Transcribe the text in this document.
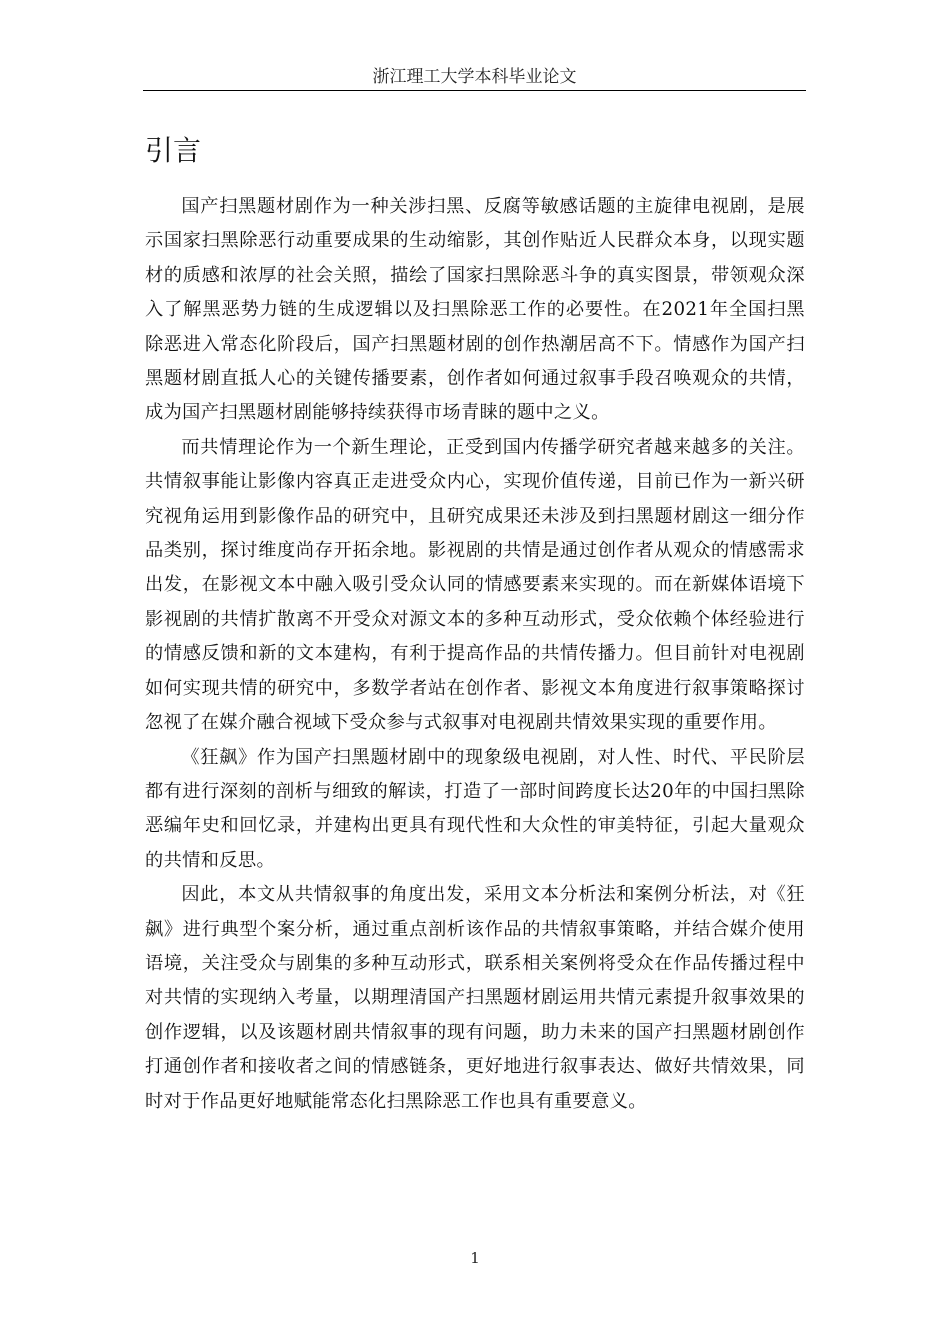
浙江理工大学本科毕业论文
引言

国产扫黑题材剧作为一种关涉扫黑、反腐等敏感话题的主旋律电视剧，是展示国家扫黑除恶行动重要成果的生动缩影，其创作贴近人民群众本身，以现实题材的质感和浓厚的社会关照，描绘了国家扫黑除恶斗争的真实图景，带领观众深入了解黑恶势力链的生成逻辑以及扫黑除恶工作的必要性。在2021年全国扫黑除恶进入常态化阶段后，国产扫黑题材剧的创作热潮居高不下。情感作为国产扫黑题材剧直抵人心的关键传播要素，创作者如何通过叙事手段召唤观众的共情，成为国产扫黑题材剧能够持续获得市场青睐的题中之义。

而共情理论作为一个新生理论，正受到国内传播学研究者越来越多的关注。共情叙事能让影像内容真正走进受众内心，实现价值传递，目前已作为一新兴研究视角运用到影像作品的研究中，且研究成果还未涉及到扫黑题材剧这一细分作品类别，探讨维度尚存开拓余地。影视剧的共情是通过创作者从观众的情感需求出发，在影视文本中融入吸引受众认同的情感要素来实现的。而在新媒体语境下影视剧的共情扩散离不开受众对源文本的多种互动形式，受众依赖个体经验进行的情感反馈和新的文本建构，有利于提高作品的共情传播力。但目前针对电视剧如何实现共情的研究中，多数学者站在创作者、影视文本角度进行叙事策略探讨忽视了在媒介融合视域下受众参与式叙事对电视剧共情效果实现的重要作用。

《狂飙》作为国产扫黑题材剧中的现象级电视剧，对人性、时代、平民阶层都有进行深刻的剖析与细致的解读，打造了一部时间跨度长达20年的中国扫黑除恶编年史和回忆录，并建构出更具有现代性和大众性的审美特征，引起大量观众的共情和反思。

因此，本文从共情叙事的角度出发，采用文本分析法和案例分析法，对《狂飙》进行典型个案分析，通过重点剖析该作品的共情叙事策略，并结合媒介使用语境，关注受众与剧集的多种互动形式，联系相关案例将受众在作品传播过程中对共情的实现纳入考量，以期理清国产扫黑题材剧运用共情元素提升叙事效果的创作逻辑，以及该题材剧共情叙事的现有问题，助力未来的国产扫黑题材剧创作打通创作者和接收者之间的情感链条，更好地进行叙事表达、做好共情效果，同时对于作品更好地赋能常态化扫黑除恶工作也具有重要意义。

1
